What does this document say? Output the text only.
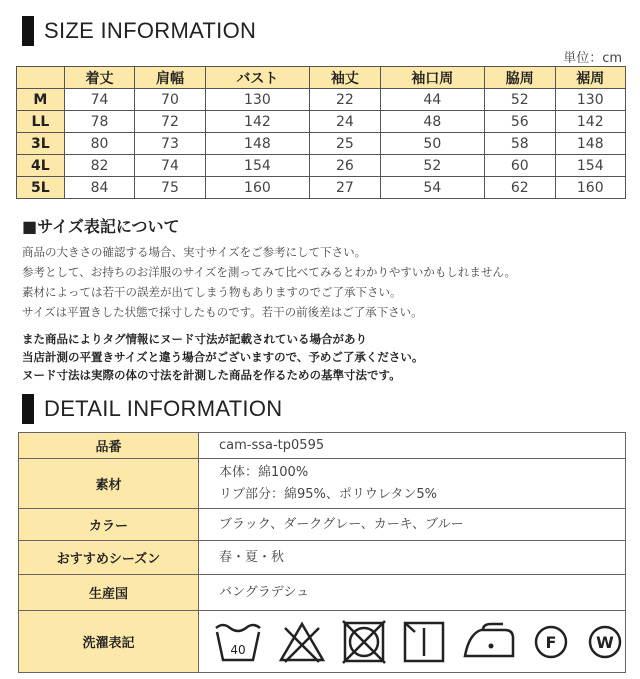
SIZE INFORMATION
単位：cm
	着丈	肩幅	バスト	袖丈	袖口周	脇周	裾周
M	74	70	130	22	44	52	130
LL	78	72	142	24	48	56	142
3L	80	73	148	25	50	58	148
4L	82	74	154	26	52	60	154
5L	84	75	160	27	54	62	160
■サイズ表記について
商品の大きさの確認する場合、実寸サイズをご参考にして下さい。
参考として、お持ちのお洋服のサイズを測ってみて比べてみるとわかりやすいかもしれません。
素材によっては若干の誤差が出てしまう物もありますのでご了承下さい。
サイズは平置きした状態で採寸したものです。若干の前後差はご了承下さい。
また商品によりタグ情報にヌード寸法が記載されている場合があり
当店計測の平置きサイズと違う場合がございますので、予めご了承ください。
ヌード寸法は実際の体の寸法を計測した商品を作るための基準寸法です。
DETAIL INFORMATION
品番	cam-ssa-tp0595

素材	本体：綿100%
リブ部分：綿95%、ポリウレタン5%

カラー	ブラック、ダークグレー、カーキ、ブルー

おすすめシーズン	春・夏・秋

生産国	バングラデシュ

洗濯表記	40 F W
